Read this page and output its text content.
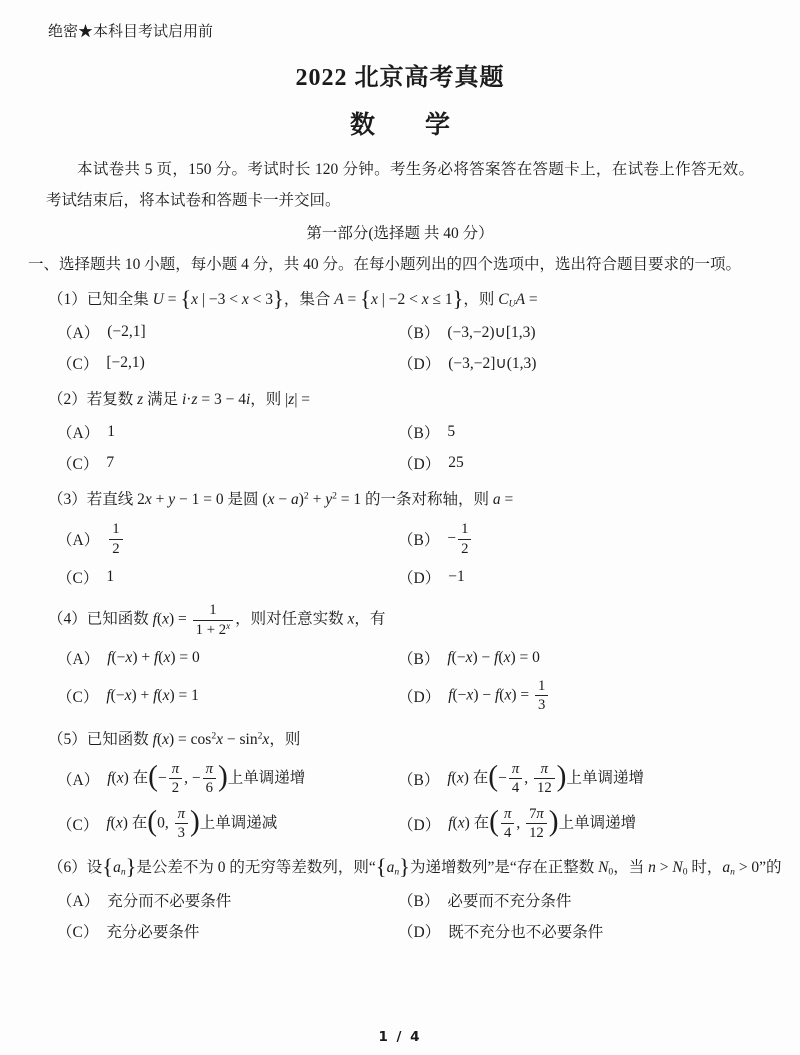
绝密★本科目考试启用前
2022 北京高考真题
数　　学

本试卷共 5 页，150 分。考试时长 120 分钟。考生务必将答案答在答题卡上，在试卷上作答无效。考试结束后，将本试卷和答题卡一并交回。

第一部分(选择题 共 40 分）
一、选择题共 10 小题，每小题 4 分，共 40 分。在每小题列出的四个选项中，选出符合题目要求的一项。
（1）已知全集 U = {x | −3 < x < 3}，集合 A = {x | −2 < x ≤ 1}，则 $C_UA$ =
（A） (−2,1]	（B） (−3,−2)∪[1,3)
（C） [−2,1)	（D） (−3,−2]∪(1,3)
（2）若复数 z 满足 i·z = 3 − 4i，则 |z| =
（A） 1	（B） 5
（C） 7	（D） 25
（3）若直线 2x + y − 1 = 0 是圆 $(x - a)^2 + y^2 = 1$ 的一条对称轴，则 a =
$(A) \frac{1}{2}$	$(B) - \frac{1}{2}$
（C） 1	（D） −1
（4）已知函数 $f(x) = \frac{1}{1 + 2^x}$ ，则对任意实数 x，有
（A） f(−x) + f(x) = 0	（B） f(−x) − f(x) = 0
（C） f(−x) + f(x) = 1	（D） $f(-x) - f(x) = \frac{1}{3}$
（5）已知函数 $f(x) = \cos^2x - \sin^2x$，则
（A） f(x) 在(− $\frac{\pi}{2}$ , − $\frac{\pi}{6}$ )上单调递增	（B） f(x) 在(− $\frac{\pi}{4}$ , $\frac{\pi}{12}$ )上单调递增
（C） f(x) 在(0, $\frac{\pi}{3}$ )上单调递减	（D） f(x) 在( $\frac{\pi}{4}$ , $\frac{7\pi}{12}$ )上单调递增
（6）设$\{a_n\}$是公差不为 0 的无穷等差数列，则“$\{a_n\}$为递增数列”是“存在正整数 $N_0$，当 $n > N_0$ 时，$a_n > 0$”的
（A） 充分而不必要条件	（B） 必要而不充分条件
（C） 充分必要条件	（D） 既不充分也不必要条件
1 / 4
